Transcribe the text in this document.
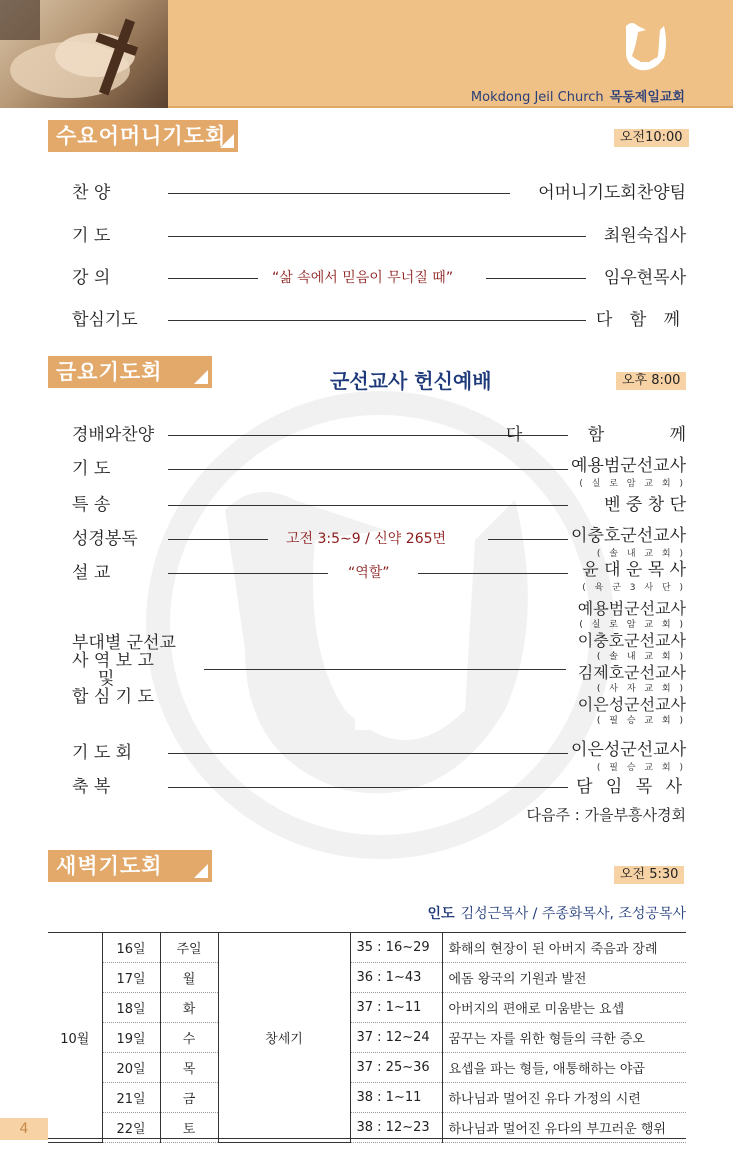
Mokdong Jeil Church 목동제일교회
수요어머니기도회	오전10:00
찬 양	어머니기도회찬양팀
기 도	최원숙집사
강 의	“삶 속에서 믿음이 무너질 때”	임우현목사
합심기도	다 함 께
금요기도회	군선교사 헌신예배	오후 8:00
경배와찬양	다 함 께
기 도	예용범군선교사
( 실 로 암 교 회 )
특 송	벤 중 창 단
성경봉독	고전 3:5∼9 / 신약 265면	이충호군선교사
( 솔 내 교 회 )
설 교	“역할”	윤 대 운 목 사
( 육 군 3 사 단 )
부대별 군선교
사 역 보 고
및
합 심 기 도
예용범군선교사
( 실 로 암 교 회 )
이충호군선교사
( 솔 내 교 회 )
김제호군선교사
( 사 자 교 회 )
이은성군선교사
( 필 승 교 회 )
기 도 회	이은성군선교사
( 필 승 교 회 )
축 복	담 임 목 사
다음주 : 가을부흥사경회
새벽기도회	오전 5:30
인도 김성근목사 / 주종화목사, 조성공목사
10월	16일	주일	창세기	35 : 16∼29	화해의 현장이 된 아버지 죽음과 장례
	17일	월		36 : 1∼43	에돔 왕국의 기원과 발전
	18일	화		37 : 1∼11	아버지의 편애로 미움받는 요셉
	19일	수		37 : 12∼24	꿈꾸는 자를 위한 형들의 극한 증오
	20일	목		37 : 25∼36	요셉을 파는 형들, 애통해하는 야곱
	21일	금		38 : 1∼11	하나님과 멀어진 유다 가정의 시련
	22일	토		38 : 12∼23	하나님과 멀어진 유다의 부끄러운 행위
4
